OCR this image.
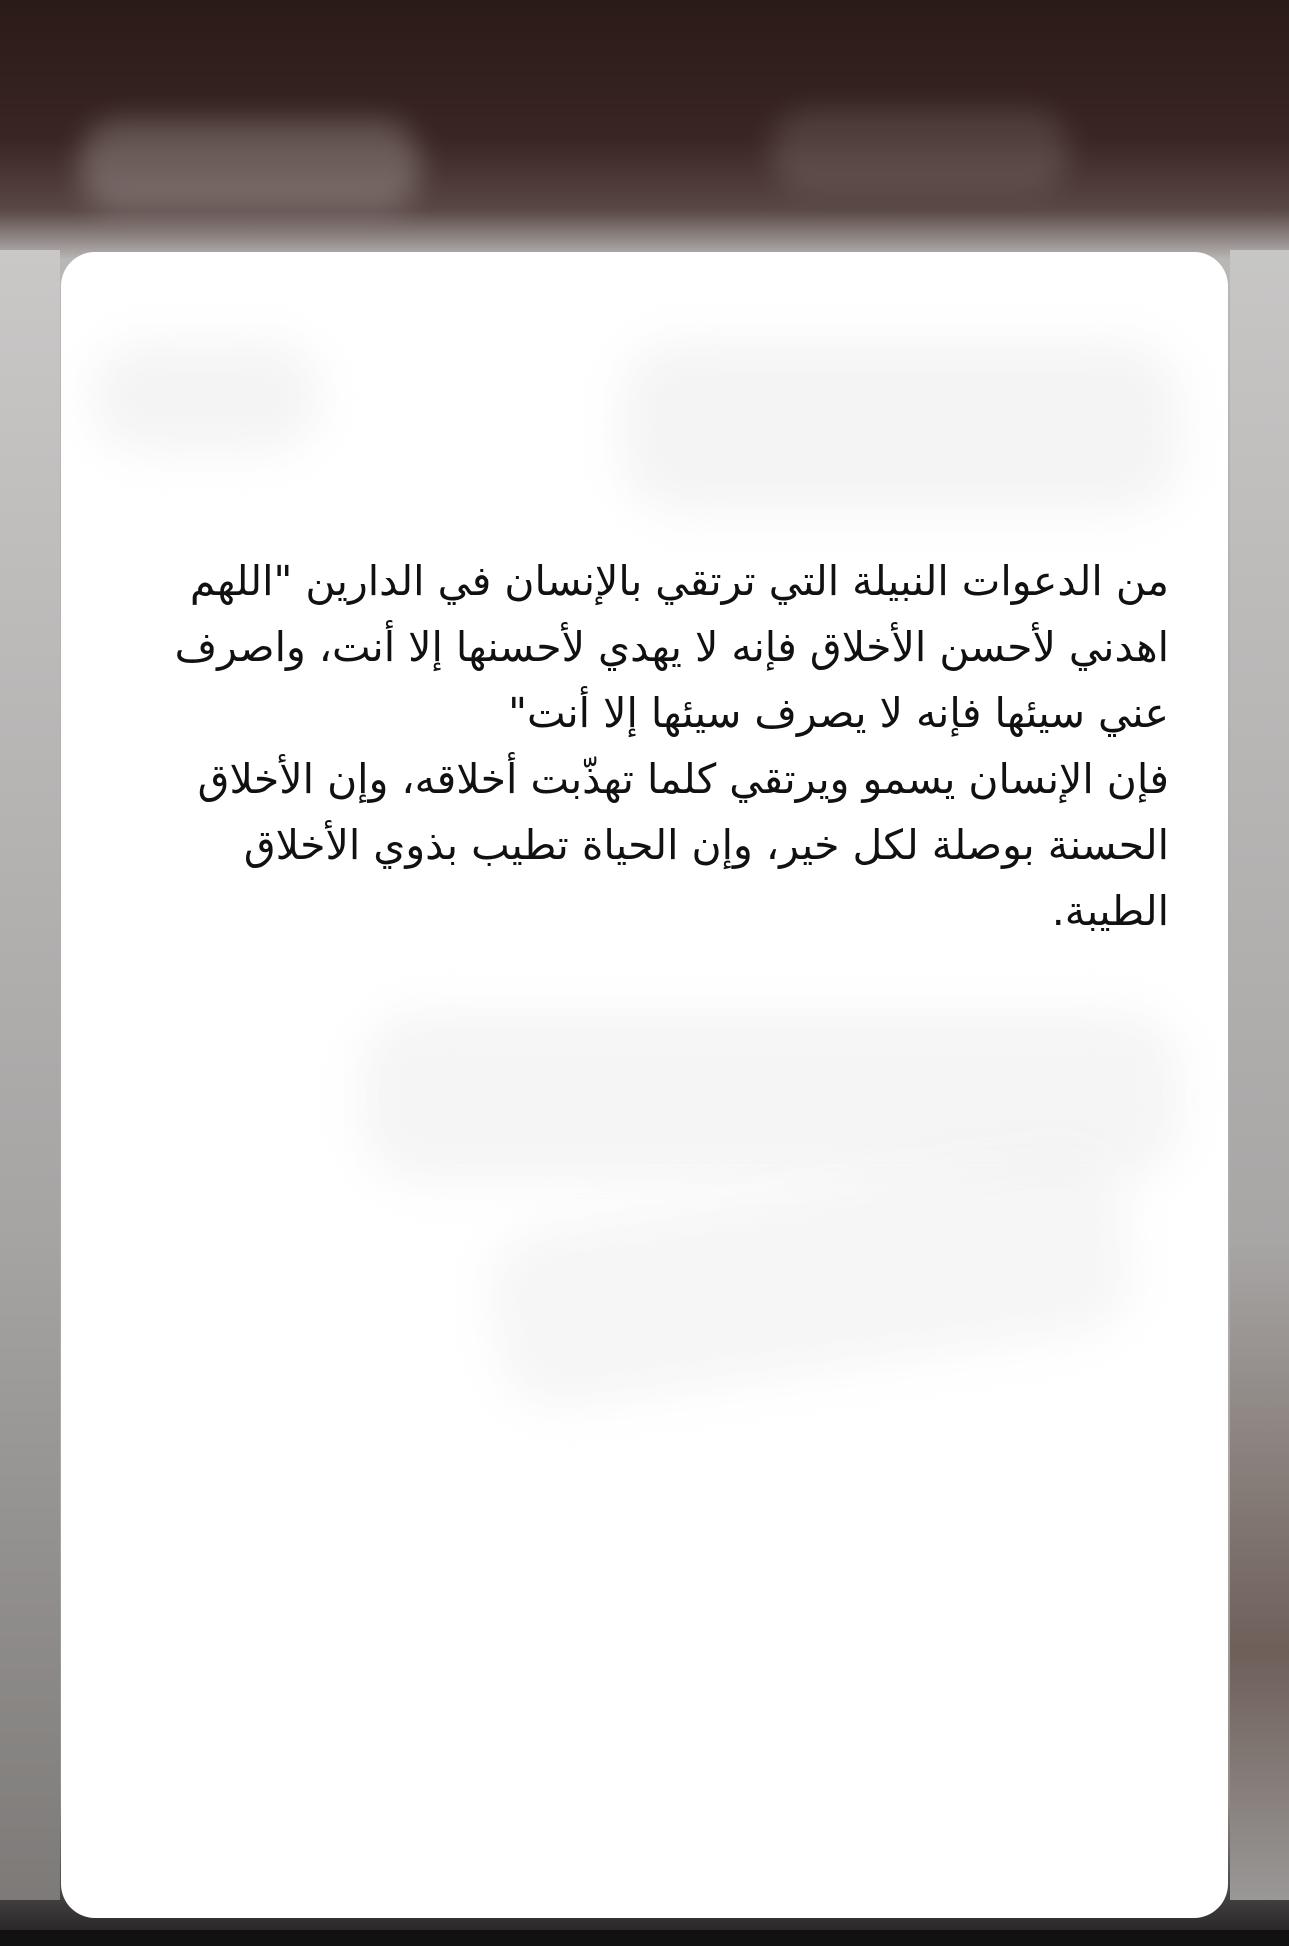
من الدعوات النبيلة التي ترتقي بالإنسان في الدارين "اللهم اهدني لأحسن الأخلاق فإنه لا يهدي لأحسنها إلا أنت، واصرف عني سيئها فإنه لا يصرف سيئها إلا أنت"

فإن الإنسان يسمو ويرتقي كلما تهذّبت أخلاقه، وإن الأخلاق الحسنة بوصلة لكل خير، وإن الحياة تطيب بذوي الأخلاق الطيبة.
